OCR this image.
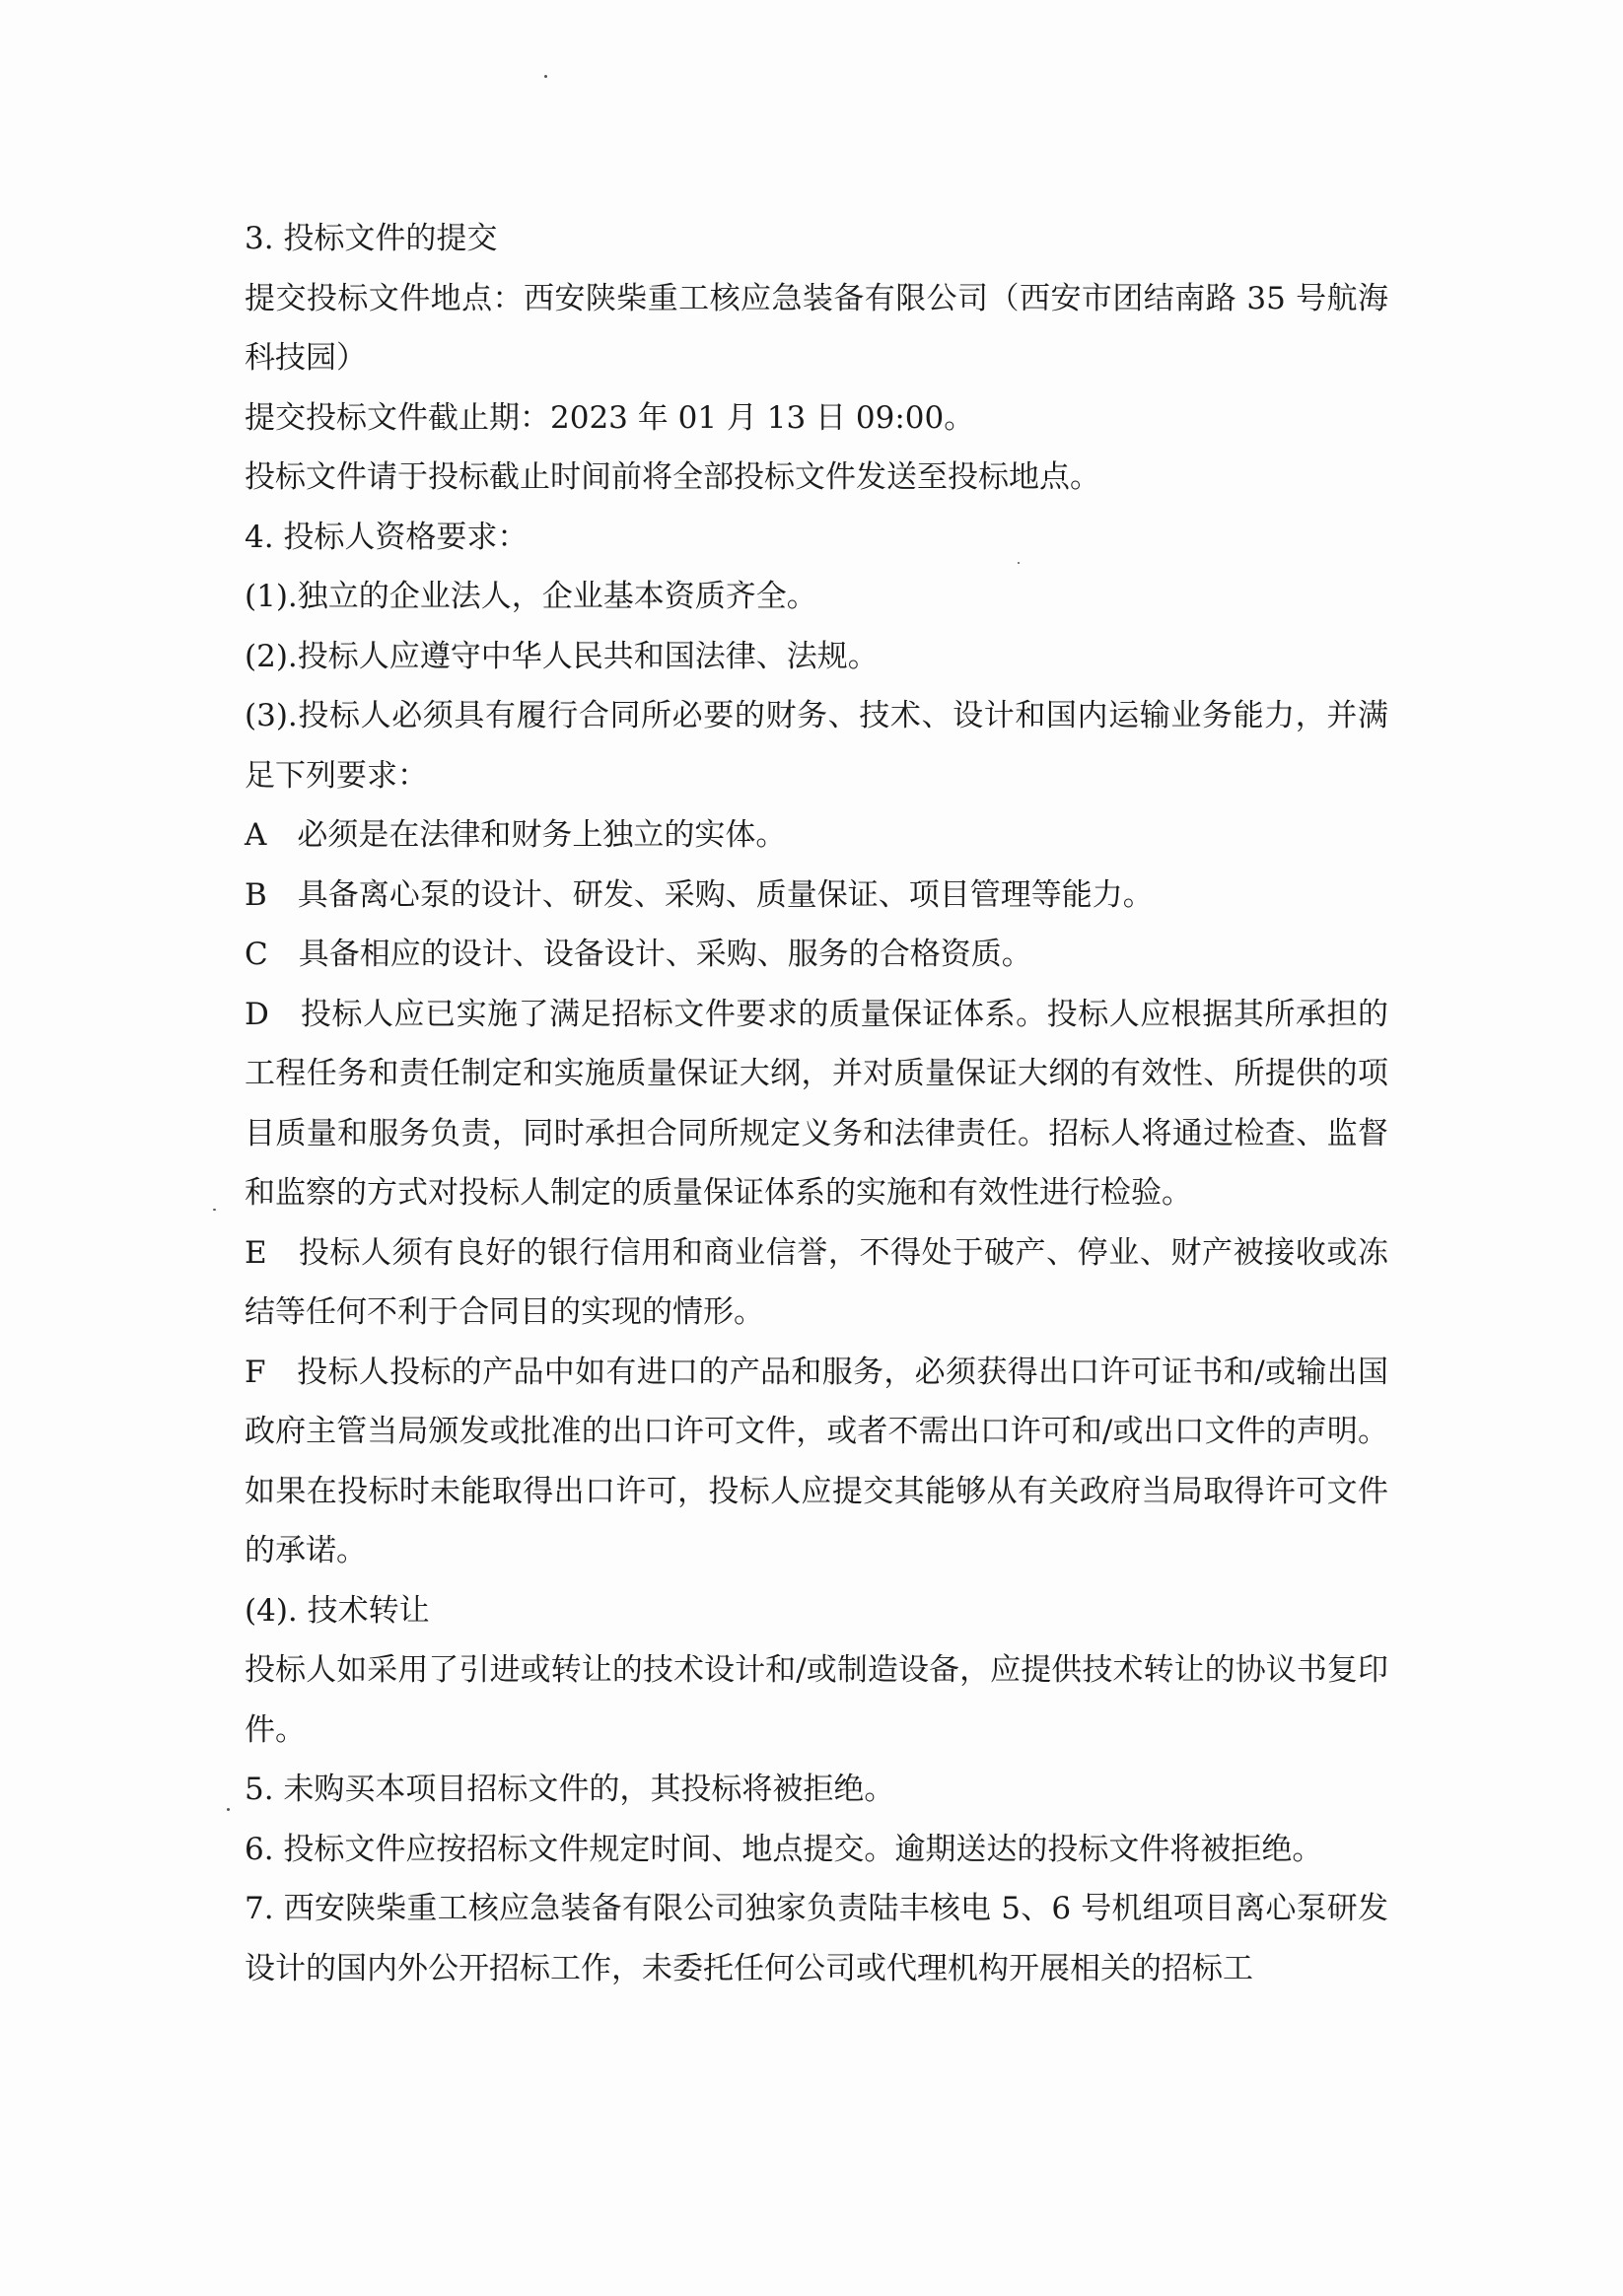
3. 投标文件的提交

提交投标文件地点：西安陕柴重工核应急装备有限公司（西安市团结南路 35 号航海科技园）

提交投标文件截止期：2023 年 01 月 13 日 09:00。

投标文件请于投标截止时间前将全部投标文件发送至投标地点。

4. 投标人资格要求：

(1).独立的企业法人，企业基本资质齐全。

(2).投标人应遵守中华人民共和国法律、法规。

(3).投标人必须具有履行合同所必要的财务、技术、设计和国内运输业务能力，并满足下列要求：

A　必须是在法律和财务上独立的实体。

B　具备离心泵的设计、研发、采购、质量保证、项目管理等能力。

C　具备相应的设计、设备设计、采购、服务的合格资质。

D　投标人应已实施了满足招标文件要求的质量保证体系。投标人应根据其所承担的工程任务和责任制定和实施质量保证大纲，并对质量保证大纲的有效性、所提供的项目质量和服务负责，同时承担合同所规定义务和法律责任。招标人将通过检查、监督和监察的方式对投标人制定的质量保证体系的实施和有效性进行检验。

E　投标人须有良好的银行信用和商业信誉，不得处于破产、停业、财产被接收或冻结等任何不利于合同目的实现的情形。

F　投标人投标的产品中如有进口的产品和服务，必须获得出口许可证书和/或输出国政府主管当局颁发或批准的出口许可文件，或者不需出口许可和/或出口文件的声明。如果在投标时未能取得出口许可，投标人应提交其能够从有关政府当局取得许可文件的承诺。

(4). 技术转让

投标人如采用了引进或转让的技术设计和/或制造设备，应提供技术转让的协议书复印件。

5. 未购买本项目招标文件的，其投标将被拒绝。

6. 投标文件应按招标文件规定时间、地点提交。逾期送达的投标文件将被拒绝。

7. 西安陕柴重工核应急装备有限公司独家负责陆丰核电 5、6 号机组项目离心泵研发设计的国内外公开招标工作，未委托任何公司或代理机构开展相关的招标工
